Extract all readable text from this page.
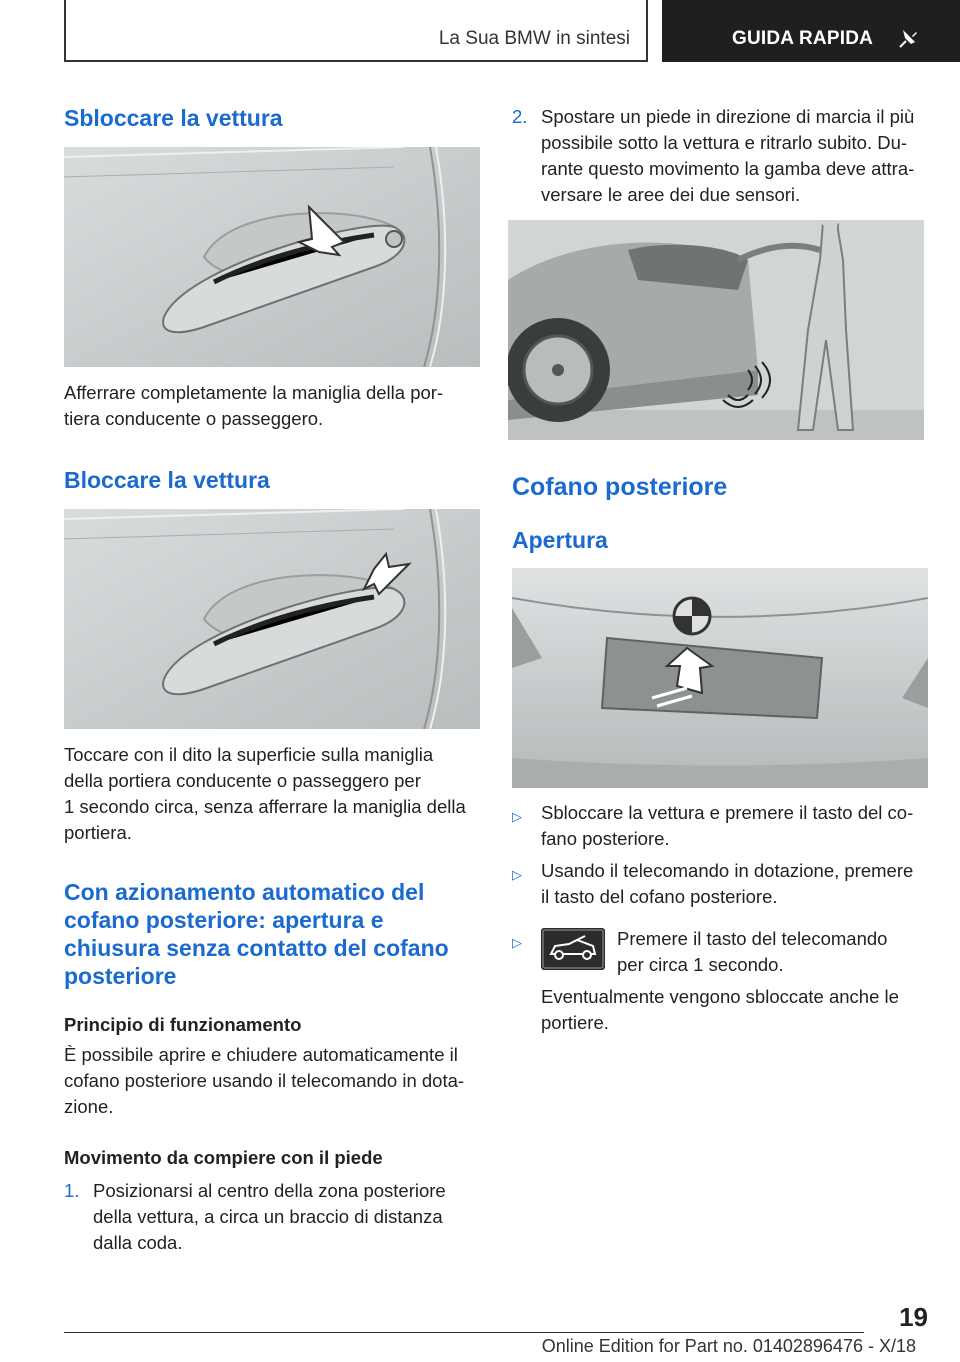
La Sua BMW in sintesi	GUIDA RAPIDA
Sbloccare la vettura
Afferrare completamente la maniglia della por-
tiera conducente o passeggero.
Bloccare la vettura
Toccare con il dito la superficie sulla maniglia
della portiera conducente o passeggero per
1 secondo circa, senza afferrare la maniglia della
portiera.
Con azionamento automatico del
cofano posteriore: apertura e
chiusura senza contatto del cofano
posteriore
Principio di funzionamento
È possibile aprire e chiudere automaticamente il
cofano posteriore usando il telecomando in dota-
zione.
Movimento da compiere con il piede
1. Posizionarsi al centro della zona posteriore
della vettura, a circa un braccio di distanza
dalla coda.
2. Spostare un piede in direzione di marcia il più
possibile sotto la vettura e ritrarlo subito. Du-
rante questo movimento la gamba deve attra-
versare le aree dei due sensori.
Cofano posteriore
Apertura
▷ Sbloccare la vettura e premere il tasto del co-
fano posteriore.
▷ Usando il telecomando in dotazione, premere
il tasto del cofano posteriore.
▷	Premere il tasto del telecomando
per circa 1 secondo.
Eventualmente vengono sbloccate anche le
portiere.
19
Online Edition for Part no. 01402896476 - X/18
